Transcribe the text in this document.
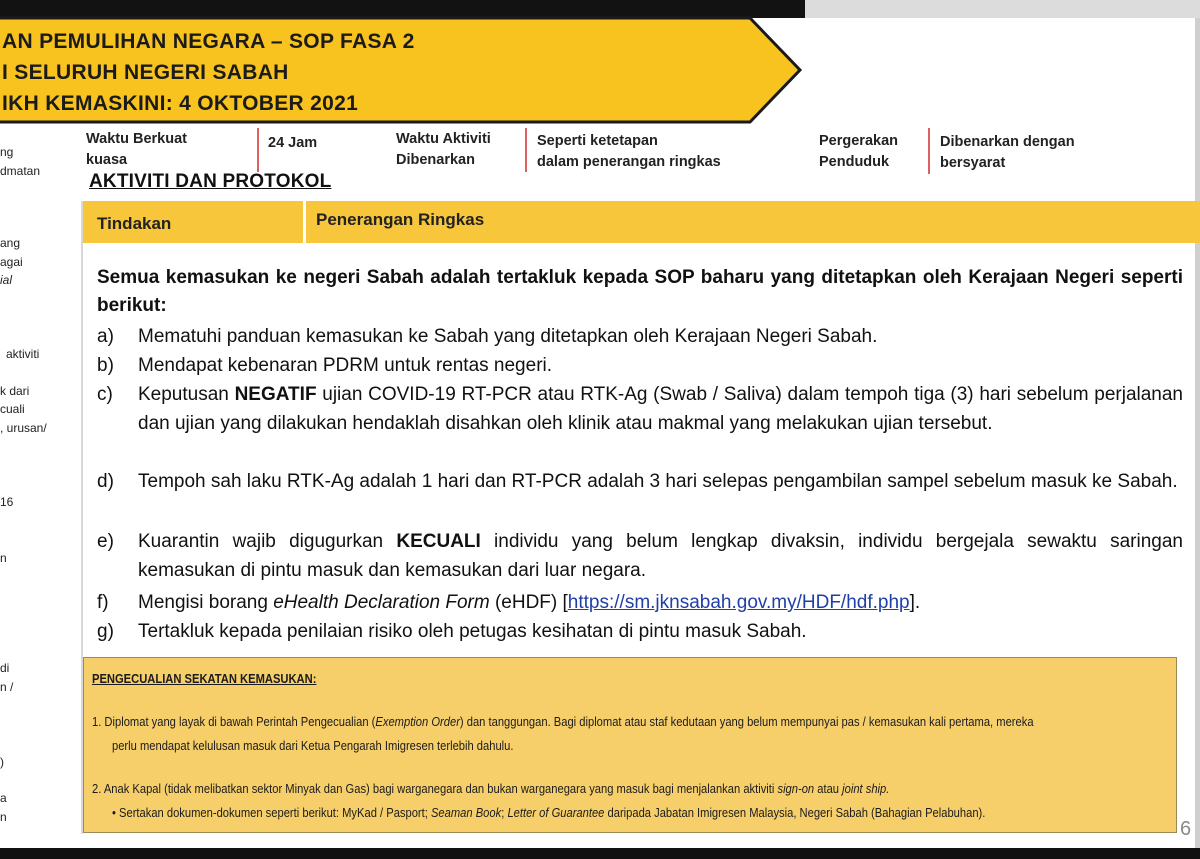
AN PEMULIHAN NEGARA – SOP FASA 2
I SELURUH NEGERI SABAH
IKH KEMASKINI: 4 OKTOBER 2021
ng
dmatan
ang
agai
ial
aktiviti
k dari
cuali
, urusan/
16
n
di
n /
)
a
n
Waktu Berkuat
kuasa
24 Jam	Waktu Aktiviti
Dibenarkan
Seperti ketetapan
dalam penerangan ringkas
Pergerakan
Penduduk
Dibenarkan dengan
bersyarat
AKTIVITI DAN PROTOKOL
Tindakan	Penerangan Ringkas
Semua kemasukan ke negeri Sabah adalah tertakluk kepada SOP baharu yang ditetapkan oleh Kerajaan Negeri seperti berikut:
a) Mematuhi panduan kemasukan ke Sabah yang ditetapkan oleh Kerajaan Negeri Sabah.
b) Mendapat kebenaran PDRM untuk rentas negeri.
c) Keputusan NEGATIF ujian COVID-19 RT-PCR atau RTK-Ag (Swab / Saliva) dalam tempoh tiga (3) hari sebelum perjalanan dan ujian yang dilakukan hendaklah disahkan oleh klinik atau makmal yang melakukan ujian tersebut.
d) Tempoh sah laku RTK-Ag adalah 1 hari dan RT-PCR adalah 3 hari selepas pengambilan sampel sebelum masuk ke Sabah.
e) Kuarantin wajib digugurkan KECUALI individu yang belum lengkap divaksin, individu bergejala sewaktu saringan kemasukan di pintu masuk dan kemasukan dari luar negara.
f) Mengisi borang eHealth Declaration Form (eHDF) [https://sm.jknsabah.gov.my/HDF/hdf.php].
g) Tertakluk kepada penilaian risiko oleh petugas kesihatan di pintu masuk Sabah.
PENGECUALIAN SEKATAN KEMASUKAN:
1. Diplomat yang layak di bawah Perintah Pengecualian (Exemption Order) dan tanggungan. Bagi diplomat atau staf kedutaan yang belum mempunyai pas / kemasukan kali pertama, mereka
perlu mendapat kelulusan masuk dari Ketua Pengarah Imigresen terlebih dahulu.
2. Anak Kapal (tidak melibatkan sektor Minyak dan Gas) bagi warganegara dan bukan warganegara yang masuk bagi menjalankan aktiviti sign-on atau joint ship.
• Sertakan dokumen-dokumen seperti berikut: MyKad / Pasport; Seaman Book; Letter of Guarantee daripada Jabatan Imigresen Malaysia, Negeri Sabah (Bahagian Pelabuhan).
6
